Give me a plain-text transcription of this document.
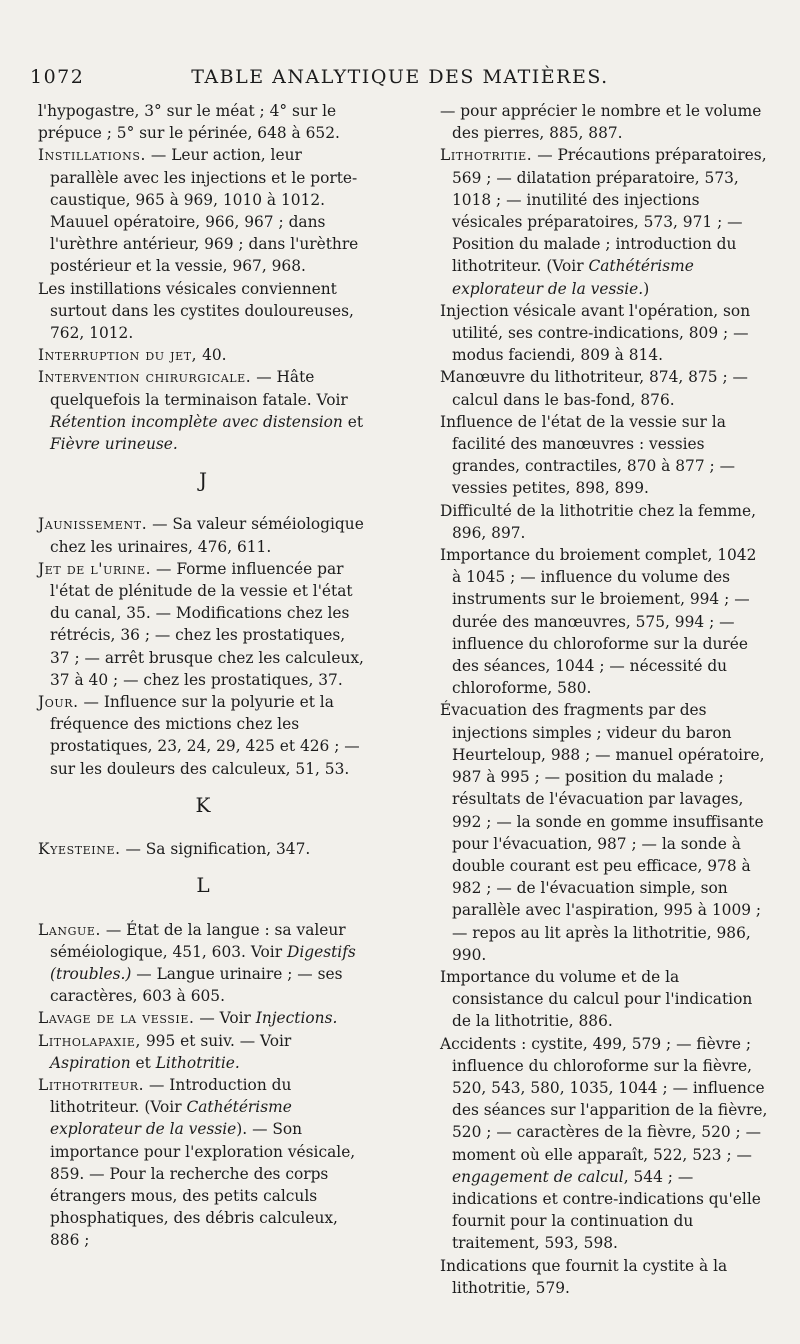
1072	TABLE ANALYTIQUE DES MATIÈRES.

l'hypogastre, 3° sur le méat ; 4° sur le prépuce ; 5° sur le périnée, 648 à 652.

Instillations. — Leur action, leur parallèle avec les injections et le porte-caustique, 965 à 969, 1010 à 1012. Mauuel opératoire, 966, 967 ; dans l'urèthre antérieur, 969 ; dans l'urèthre postérieur et la vessie, 967, 968.

Les instillations vésicales conviennent surtout dans les cystites douloureuses, 762, 1012.

Interruption du jet, 40.

Intervention chirurgicale. — Hâte quelquefois la terminaison fatale. Voir Rétention incomplète avec distension et Fièvre urineuse.

J

Jaunissement. — Sa valeur séméiologique chez les urinaires, 476, 611.

Jet de l'urine. — Forme influencée par l'état de plénitude de la vessie et l'état du canal, 35. — Modifications chez les rétrécis, 36 ; — chez les prostatiques, 37 ; — arrêt brusque chez les calculeux, 37 à 40 ; — chez les prostatiques, 37.

Jour. — Influence sur la polyurie et la fréquence des mictions chez les prostatiques, 23, 24, 29, 425 et 426 ; — sur les douleurs des calculeux, 51, 53.

K

Kyesteine. — Sa signification, 347.

L

Langue. — État de la langue : sa valeur séméiologique, 451, 603. Voir Digestifs (troubles.) — Langue urinaire ; — ses caractères, 603 à 605.

Lavage de la vessie. — Voir Injections.

Litholapaxie, 995 et suiv. — Voir Aspiration et Lithotritie.

Lithotriteur. — Introduction du lithotriteur. (Voir Cathétérisme explorateur de la vessie). — Son importance pour l'exploration vésicale, 859. — Pour la recherche des corps étrangers mous, des petits calculs phosphatiques, des débris calculeux, 886 ;

— pour apprécier le nombre et le volume des pierres, 885, 887.

Lithotritie. — Précautions préparatoires, 569 ; — dilatation préparatoire, 573, 1018 ; — inutilité des injections vésicales préparatoires, 573, 971 ; — Position du malade ; introduction du lithotriteur. (Voir Cathétérisme explorateur de la vessie.)

Injection vésicale avant l'opération, son utilité, ses contre-indications, 809 ; — modus faciendi, 809 à 814.

Manœuvre du lithotriteur, 874, 875 ; — calcul dans le bas-fond, 876.

Influence de l'état de la vessie sur la facilité des manœuvres : vessies grandes, contractiles, 870 à 877 ; — vessies petites, 898, 899.

Difficulté de la lithotritie chez la femme, 896, 897.

Importance du broiement complet, 1042 à 1045 ; — influence du volume des instruments sur le broiement, 994 ; — durée des manœuvres, 575, 994 ; — influence du chloroforme sur la durée des séances, 1044 ; — nécessité du chloroforme, 580.

Évacuation des fragments par des injections simples ; videur du baron Heurteloup, 988 ; — manuel opératoire, 987 à 995 ; — position du malade ; résultats de l'évacuation par lavages, 992 ; — la sonde en gomme insuffisante pour l'évacuation, 987 ; — la sonde à double courant est peu efficace, 978 à 982 ; — de l'évacuation simple, son parallèle avec l'aspiration, 995 à 1009 ; — repos au lit après la lithotritie, 986, 990.

Importance du volume et de la consistance du calcul pour l'indication de la lithotritie, 886.

Accidents : cystite, 499, 579 ; — fièvre ; influence du chloroforme sur la fièvre, 520, 543, 580, 1035, 1044 ; — influence des séances sur l'apparition de la fièvre, 520 ; — caractères de la fièvre, 520 ; — moment où elle apparaît, 522, 523 ; — engagement de calcul, 544 ; — indications et contre-indications qu'elle fournit pour la continuation du traitement, 593, 598.

Indications que fournit la cystite à la lithotritie, 579.
